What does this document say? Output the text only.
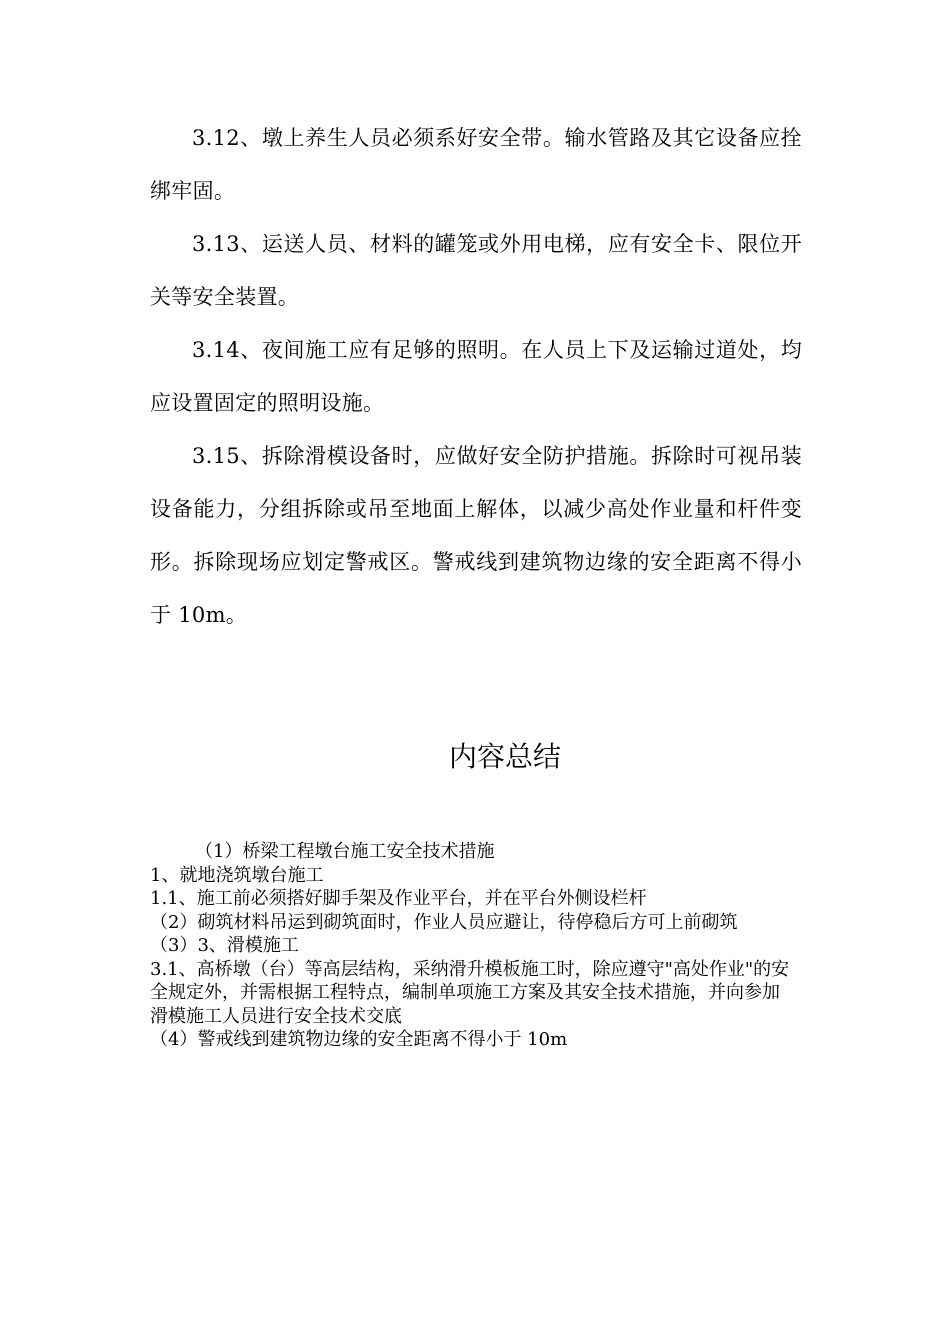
3.12、墩上养生人员必须系好安全带。输水管路及其它设备应拴绑牢固。

3.13、运送人员、材料的罐笼或外用电梯，应有安全卡、限位开关等安全装置。

3.14、夜间施工应有足够的照明。在人员上下及运输过道处，均应设置固定的照明设施。

3.15、拆除滑模设备时，应做好安全防护措施。拆除时可视吊装设备能力，分组拆除或吊至地面上解体，以减少高处作业量和杆件变形。拆除现场应划定警戒区。警戒线到建筑物边缘的安全距离不得小于 10m。

内容总结
（1）桥梁工程墩台施工安全技术措施
1、就地浇筑墩台施工
1.1、施工前必须搭好脚手架及作业平台，并在平台外侧设栏杆
（2）砌筑材料吊运到砌筑面时，作业人员应避让，待停稳后方可上前砌筑
（3）3、滑模施工
3.1、高桥墩（台）等高层结构，采纳滑升模板施工时，除应遵守"高处作业"的安全规定外，并需根据工程特点，编制单项施工方案及其安全技术措施，并向参加滑模施工人员进行安全技术交底
（4）警戒线到建筑物边缘的安全距离不得小于 10m
